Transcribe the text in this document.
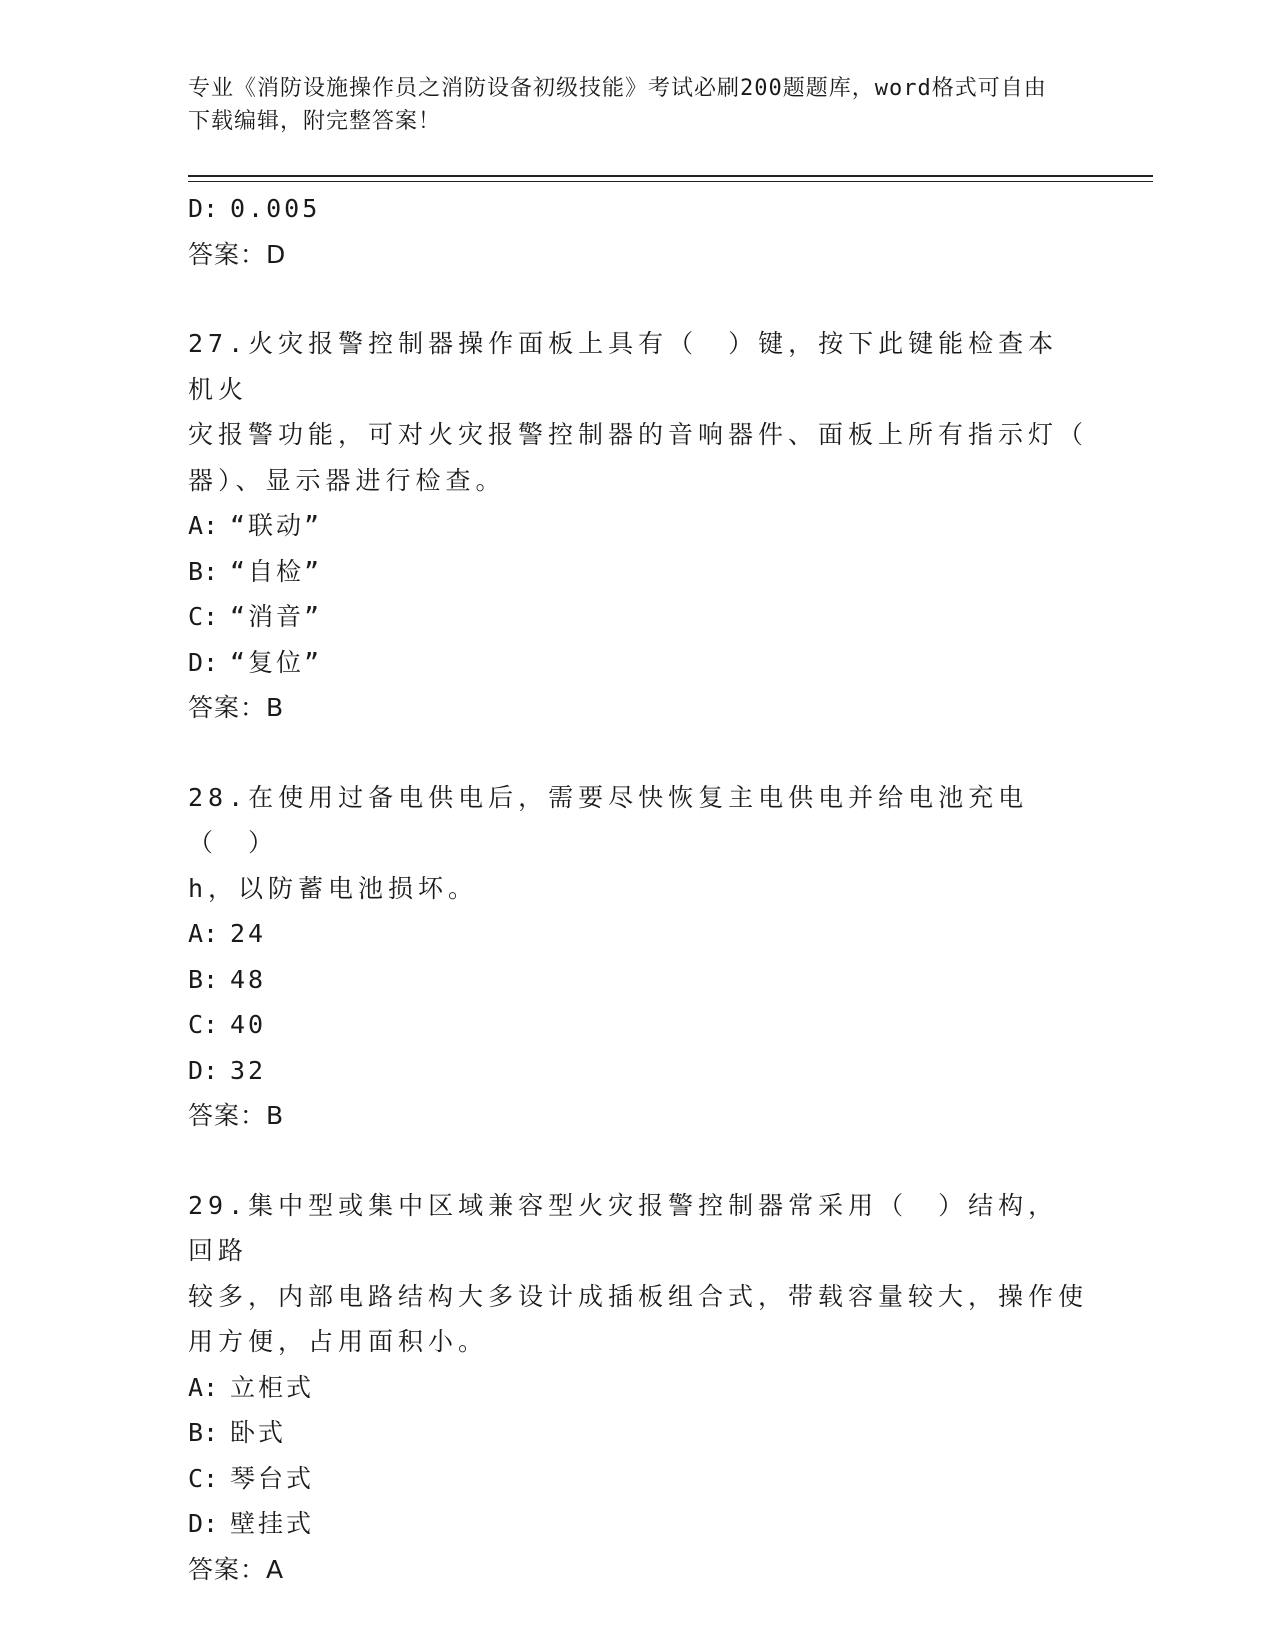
专业《消防设施操作员之消防设备初级技能》考试必刷200题题库，word格式可自由下载编辑，附完整答案！
D: 0.005
答案：D
27.火灾报警控制器操作面板上具有（　）键，按下此键能检查本机火
灾报警功能，可对火灾报警控制器的音响器件、面板上所有指示灯（
器）、显示器进行检查。
A: “联动”
B: “自检”
C: “消音”
D: “复位”
答案：B
28.在使用过备电供电后，需要尽快恢复主电供电并给电池充电（　）
h，以防蓄电池损坏。
A: 24
B: 48
C: 40
D: 32
答案：B
29.集中型或集中区域兼容型火灾报警控制器常采用（　）结构，回路
较多，内部电路结构大多设计成插板组合式，带载容量较大，操作使
用方便，占用面积小。
A: 立柜式
B: 卧式
C: 琴台式
D: 壁挂式
答案：A
